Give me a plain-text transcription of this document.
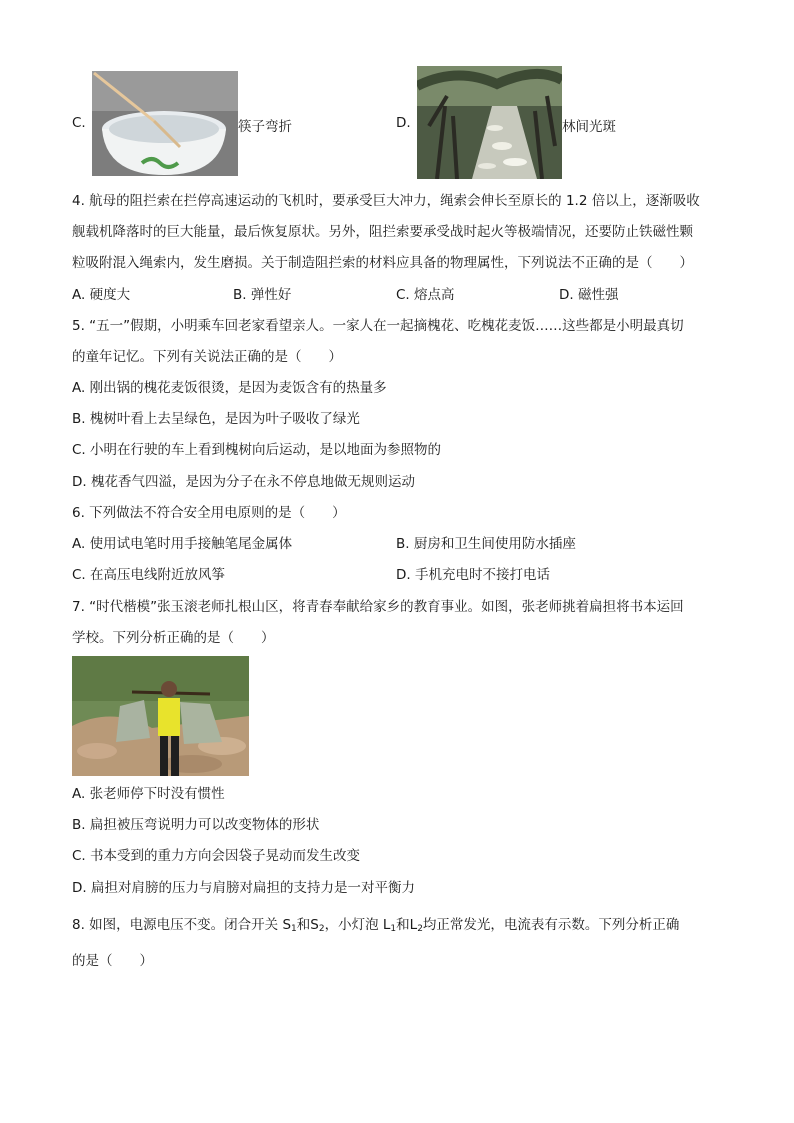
C.	筷子弯折	D.	林间光斑
4. 航母的阻拦索在拦停高速运动的飞机时，要承受巨大冲力，绳索会伸长至原长的 1.2 倍以上，逐渐吸收
舰载机降落时的巨大能量，最后恢复原状。另外，阻拦索要承受战时起火等极端情况，还要防止铁磁性颗
粒吸附混入绳索内，发生磨损。关于制造阻拦索的材料应具备的物理属性，下列说法不正确的是（　　）
A. 硬度大	B. 弹性好	C. 熔点高	D. 磁性强
5. “五一”假期，小明乘车回老家看望亲人。一家人在一起摘槐花、吃槐花麦饭……这些都是小明最真切
的童年记忆。下列有关说法正确的是（　　）
A. 刚出锅的槐花麦饭很烫，是因为麦饭含有的热量多
B. 槐树叶看上去呈绿色，是因为叶子吸收了绿光
C. 小明在行驶的车上看到槐树向后运动，是以地面为参照物的
D. 槐花香气四溢，是因为分子在永不停息地做无规则运动
6. 下列做法不符合安全用电原则的是（　　）
A. 使用试电笔时用手接触笔尾金属体	B. 厨房和卫生间使用防水插座
C. 在高压电线附近放风筝	D. 手机充电时不接打电话
7. “时代楷模”张玉滚老师扎根山区，将青春奉献给家乡的教育事业。如图，张老师挑着扁担将书本运回
学校。下列分析正确的是（　　）
A. 张老师停下时没有惯性
B. 扁担被压弯说明力可以改变物体的形状
C. 书本受到的重力方向会因袋子晃动而发生改变
D. 扁担对肩膀的压力与肩膀对扁担的支持力是一对平衡力
8. 如图，电源电压不变。闭合开关 $S_1$和$S_2$，小灯泡 $L_1$和$L_2$均正常发光，电流表有示数。下列分析正确
的是（　　）
